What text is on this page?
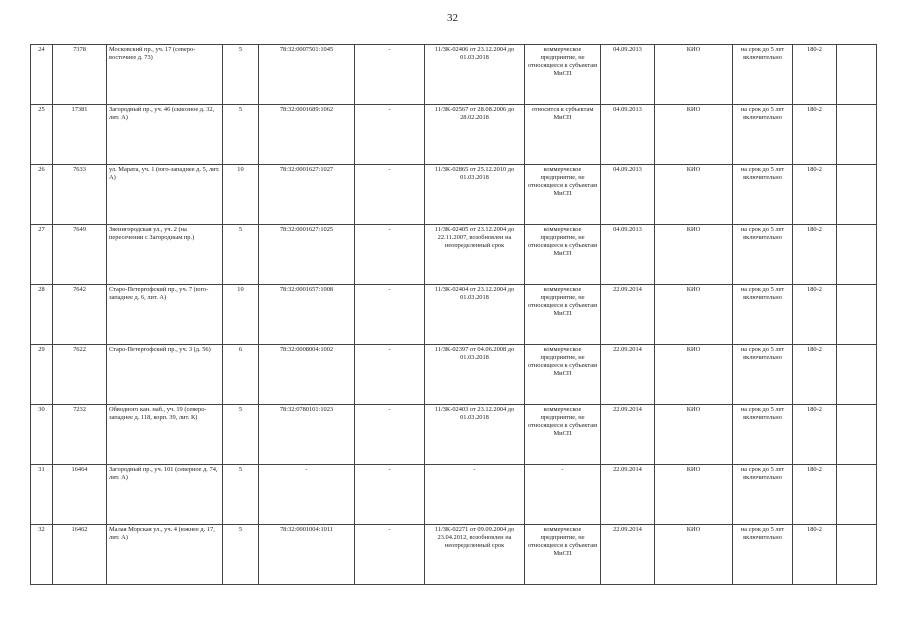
32
24	7378	Московский пр., уч. 17 (северо-восточнее д. 73)	5	78:32:0007501:1045	-	11/ЗК-02406 от 23.12.2004 до 01.03.2018	коммерческое предприятие, не относящееся к субъектам МиСП	04.09.2013	КИО	на срок до 5 лет включительно	180-2	
25	17381	Загородный пр., уч. 46 (сквозное д. 32, лит. А)	5	78:32:0001689:1062	-	11/ЗК-02567 от 28.08.2006 до 28.02.2018	относится к субъектам МиСП	04.09.2013	КИО	на срок до 5 лет включительно	180-2	
26	7633	ул. Марата, уч. 1 (юго-западнее д. 5, лит. А)	10	78:32:0001627:1027	-	11/ЗК-02865 от 25.12.2010 до 01.03.2018	коммерческое предприятие, не относящееся к субъектам МиСП	04.09.2013	КИО	на срок до 5 лет включительно	180-2	
27	7649	Звенигородская ул., уч. 2 (на пересечении с Загородным пр.)	5	78:32:0001627:1025	-	11/ЗК-02405 от 23.12.2004 до 22.11.2007, возобновлен на неопределенный срок	коммерческое предприятие, не относящееся к субъектам МиСП	04.09.2013	КИО	на срок до 5 лет включительно	180-2	
28	7642	Старо-Петергофский пр., уч. 7 (юго-западнее д. 6, лит. А)	10	78:32:0001657:1008	-	11/ЗК-02404 от 23.12.2004 до 01.03.2018	коммерческое предприятие, не относящееся к субъектам МиСП	22.09.2014	КИО	на срок до 5 лет включительно	180-2	
29	7622	Старо-Петергофский пр., уч. 3 (д. 56)	6	78:32:0008004:1002	-	11/ЗК-02397 от 04.06.2008 до 01.03.2018	коммерческое предприятие, не относящееся к субъектам МиСП	22.09.2014	КИО	на срок до 5 лет включительно	180-2	
30	7232	Обводного кан. наб., уч. 19 (северо-западнее д. 118, корп. 39, лит. К)	5	78:32:0780101:1023	-	11/ЗК-02403 от 23.12.2004 до 01.03.2018	коммерческое предприятие, не относящееся к субъектам МиСП	22.09.2014	КИО	на срок до 5 лет включительно	180-2	
31	16464	Загородный пр., уч. 101 (северное д. 74, лит. А)	5	-	-	-	-	22.09.2014	КИО	на срок до 5 лет включительно	180-2	
32	16462	Малая Морская ул., уч. 4 (южнее д. 17, лит. А)	5	78:32:0001004:1011	-	11/ЗК-02271 от 09.09.2004 до 23.04.2012, возобновлен на неопределенный срок	коммерческое предприятие, не относящееся к субъектам МиСП	22.09.2014	КИО	на срок до 5 лет включительно	180-2	
